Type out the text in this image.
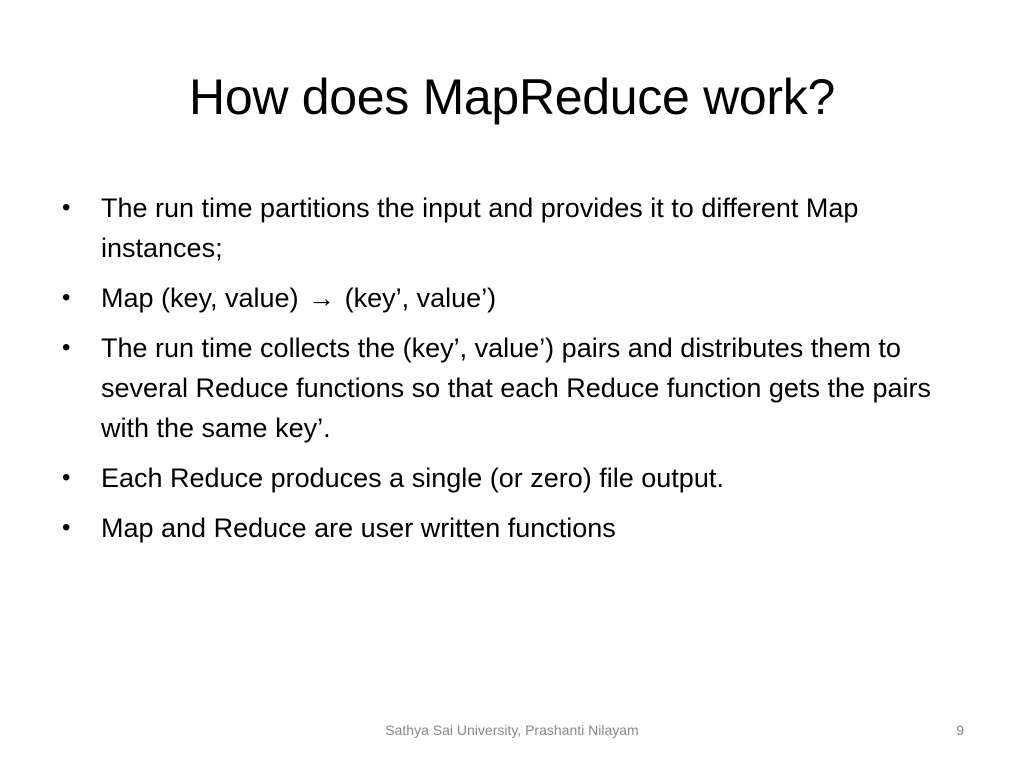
How does MapReduce work?
• The run time partitions the input and provides it to different Map instances;
• Map (key, value) → (key’, value’)
• The run time collects the (key’, value’) pairs and distributes them to several Reduce functions so that each Reduce function gets the pairs with the same key’.
• Each Reduce produces a single (or zero) file output.
• Map and Reduce are user written functions
Sathya Sai University, Prashanti Nilayam	9
